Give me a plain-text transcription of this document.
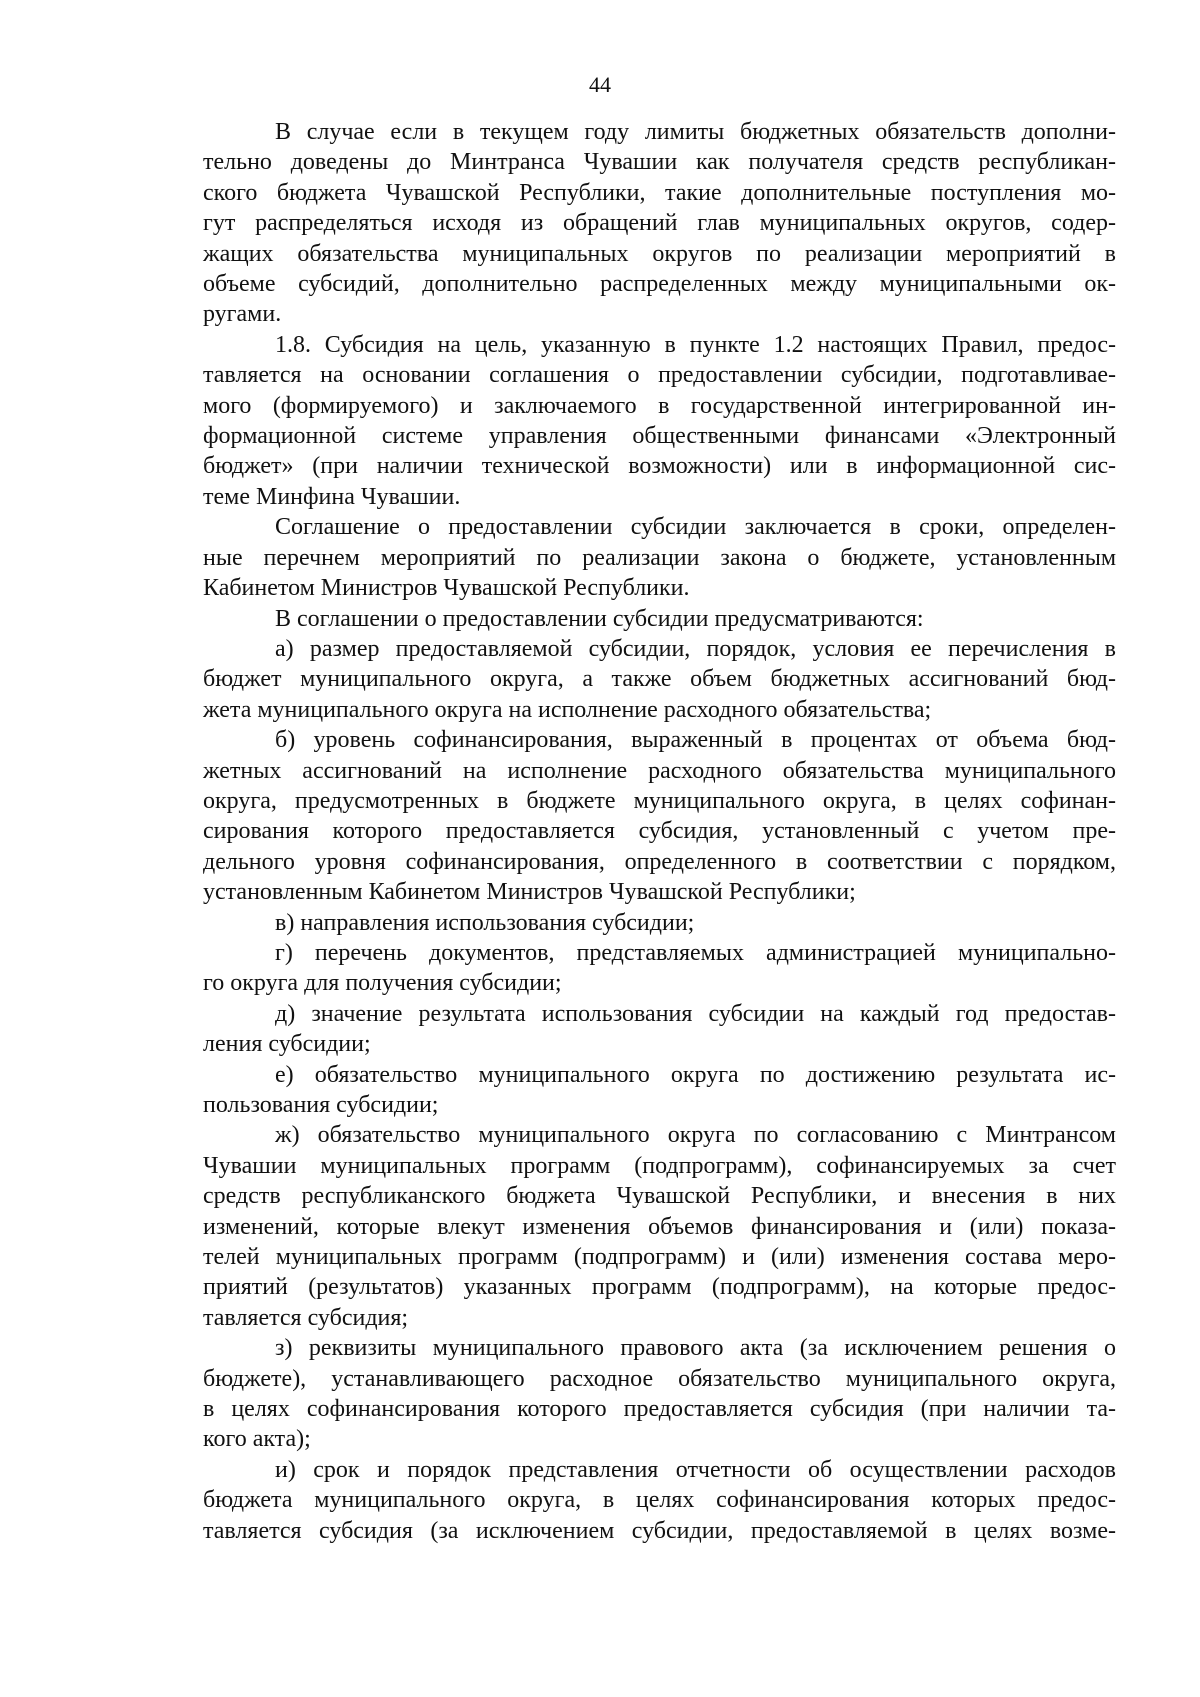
44
В случае если в текущем году лимиты бюджетных обязательств дополни-
тельно доведены до Минтранса Чувашии как получателя средств республикан-
ского бюджета Чувашской Республики, такие дополнительные поступления мо-
гут распределяться исходя из обращений глав муниципальных округов, содер-
жащих обязательства муниципальных округов по реализации мероприятий в
объеме субсидий, дополнительно распределенных между муниципальными ок-
ругами.
1.8. Субсидия на цель, указанную в пункте 1.2 настоящих Правил, предос-
тавляется на основании соглашения о предоставлении субсидии, подготавливае-
мого (формируемого) и заключаемого в государственной интегрированной ин-
формационной системе управления общественными финансами «Электронный
бюджет» (при наличии технической возможности) или в информационной сис-
теме Минфина Чувашии.
Соглашение о предоставлении субсидии заключается в сроки, определен-
ные перечнем мероприятий по реализации закона о бюджете, установленным
Кабинетом Министров Чувашской Республики.
В соглашении о предоставлении субсидии предусматриваются:
а) размер предоставляемой субсидии, порядок, условия ее перечисления в
бюджет муниципального округа, а также объем бюджетных ассигнований бюд-
жета муниципального округа на исполнение расходного обязательства;
б) уровень софинансирования, выраженный в процентах от объема бюд-
жетных ассигнований на исполнение расходного обязательства муниципального
округа, предусмотренных в бюджете муниципального округа, в целях софинан-
сирования которого предоставляется субсидия, установленный с учетом пре-
дельного уровня софинансирования, определенного в соответствии с порядком,
установленным Кабинетом Министров Чувашской Республики;
в) направления использования субсидии;
г) перечень документов, представляемых администрацией муниципально-
го округа для получения субсидии;
д) значение результата использования субсидии на каждый год предостав-
ления субсидии;
е) обязательство муниципального округа по достижению результата ис-
пользования субсидии;
ж) обязательство муниципального округа по согласованию с Минтрансом
Чувашии муниципальных программ (подпрограмм), софинансируемых за счет
средств республиканского бюджета Чувашской Республики, и внесения в них
изменений, которые влекут изменения объемов финансирования и (или) показа-
телей муниципальных программ (подпрограмм) и (или) изменения состава меро-
приятий (результатов) указанных программ (подпрограмм), на которые предос-
тавляется субсидия;
з) реквизиты муниципального правового акта (за исключением решения о
бюджете), устанавливающего расходное обязательство муниципального округа,
в целях софинансирования которого предоставляется субсидия (при наличии та-
кого акта);
и) срок и порядок представления отчетности об осуществлении расходов
бюджета муниципального округа, в целях софинансирования которых предос-
тавляется субсидия (за исключением субсидии, предоставляемой в целях возме-
